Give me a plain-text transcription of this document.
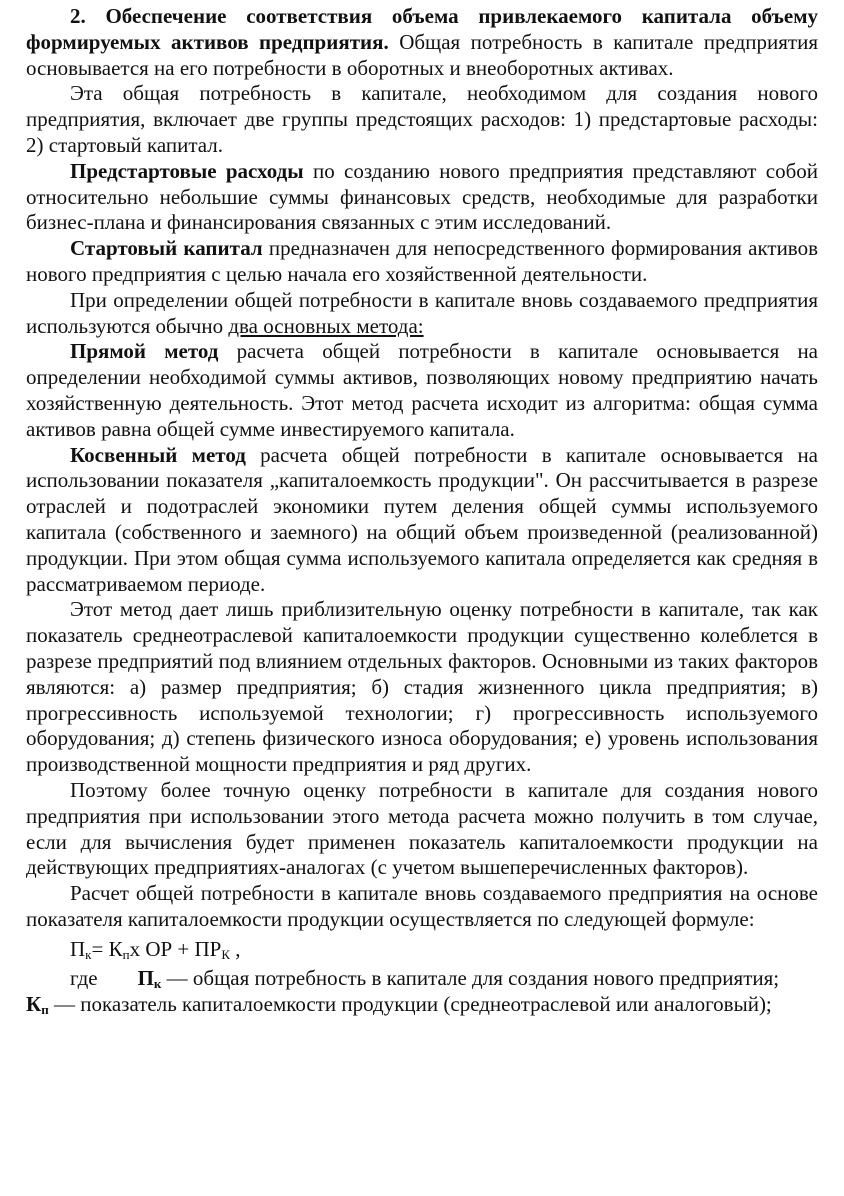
2. Обеспечение соответствия объема привлекаемого капитала объему формируемых активов предприятия. Общая потребность в капитале предприятия основывается на его потребности в оборотных и внеоборотных активах.

Эта общая потребность в капитале, необходимом для создания нового предприятия, включает две группы предстоящих расходов: 1) предстартовые расходы: 2) стартовый капитал.

Предстартовые расходы по созданию нового предприятия представляют собой относительно небольшие суммы финансовых средств, необходимые для разработки бизнес-плана и финансирования связанных с этим исследований.

Стартовый капитал предназначен для непосредственного формирования активов нового предприятия с целью начала его хозяйственной деятельности.

При определении общей потребности в капитале вновь создаваемого предприятия используются обычно два основных метода:

Прямой метод расчета общей потребности в капитале основывается на определении необходимой суммы активов, позволяющих новому предприятию начать хозяйственную деятельность. Этот метод расчета исходит из алгоритма: общая сумма активов равна общей сумме инвестируемого капитала.

Косвенный метод расчета общей потребности в капитале основывается на использовании показателя „капиталоемкость продукции". Он рассчитывается в разрезе отраслей и подотраслей экономики путем деления общей суммы используемого капитала (собственного и заемного) на общий объем произведенной (реализованной) продукции. При этом общая сумма используемого капитала определяется как средняя в рассматриваемом периоде.

Этот метод дает лишь приблизительную оценку потребности в капитале, так как показатель среднеотраслевой капиталоемкости продукции существенно колеблется в разрезе предприятий под влиянием отдельных факторов. Основными из таких факторов являются: а) размер предприятия; б) стадия жизненного цикла предприятия; в) прогрессивность используемой технологии; г) прогрессивность используемого оборудования; д) степень физического износа оборудования; е) уровень использования производственной мощности предприятия и ряд других.

Поэтому более точную оценку потребности в капитале для создания нового предприятия при использовании этого метода расчета можно получить в том случае, если для вычисления будет применен показатель капиталоемкости продукции на действующих предприятиях-аналогах (с учетом вышеперечисленных факторов).

Расчет общей потребности в капитале вновь создаваемого предприятия на основе показателя капиталоемкости продукции осуществляется по следующей формуле:

Пк= Кпх ОР + ПРК ,

где Пк — общая потребность в капитале для создания нового предприятия;

Кп — показатель капиталоемкости продукции (среднеотраслевой или аналоговый);
